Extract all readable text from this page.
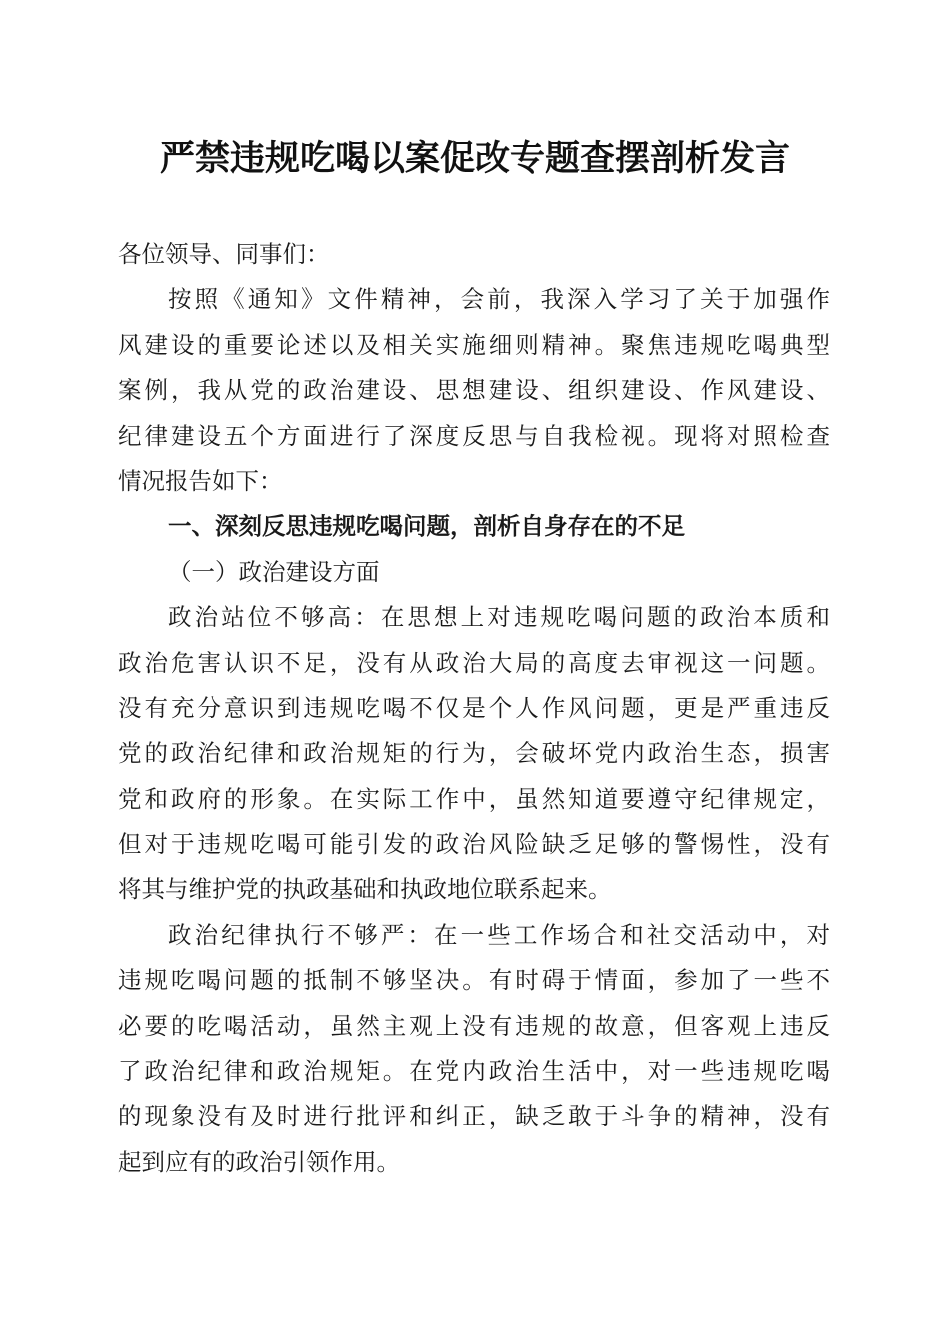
严禁违规吃喝以案促改专题查摆剖析发言
各位领导、同事们：
按照《通知》文件精神，会前，我深入学习了关于加强作
风建设的重要论述以及相关实施细则精神。聚焦违规吃喝典型
案例，我从党的政治建设、思想建设、组织建设、作风建设、
纪律建设五个方面进行了深度反思与自我检视。现将对照检查
情况报告如下：
一、深刻反思违规吃喝问题，剖析自身存在的不足
（一）政治建设方面
政治站位不够高：在思想上对违规吃喝问题的政治本质和
政治危害认识不足，没有从政治大局的高度去审视这一问题。
没有充分意识到违规吃喝不仅是个人作风问题，更是严重违反
党的政治纪律和政治规矩的行为，会破坏党内政治生态，损害
党和政府的形象。在实际工作中，虽然知道要遵守纪律规定，
但对于违规吃喝可能引发的政治风险缺乏足够的警惕性，没有
将其与维护党的执政基础和执政地位联系起来。
政治纪律执行不够严：在一些工作场合和社交活动中，对
违规吃喝问题的抵制不够坚决。有时碍于情面，参加了一些不
必要的吃喝活动，虽然主观上没有违规的故意，但客观上违反
了政治纪律和政治规矩。在党内政治生活中，对一些违规吃喝
的现象没有及时进行批评和纠正，缺乏敢于斗争的精神，没有
起到应有的政治引领作用。
